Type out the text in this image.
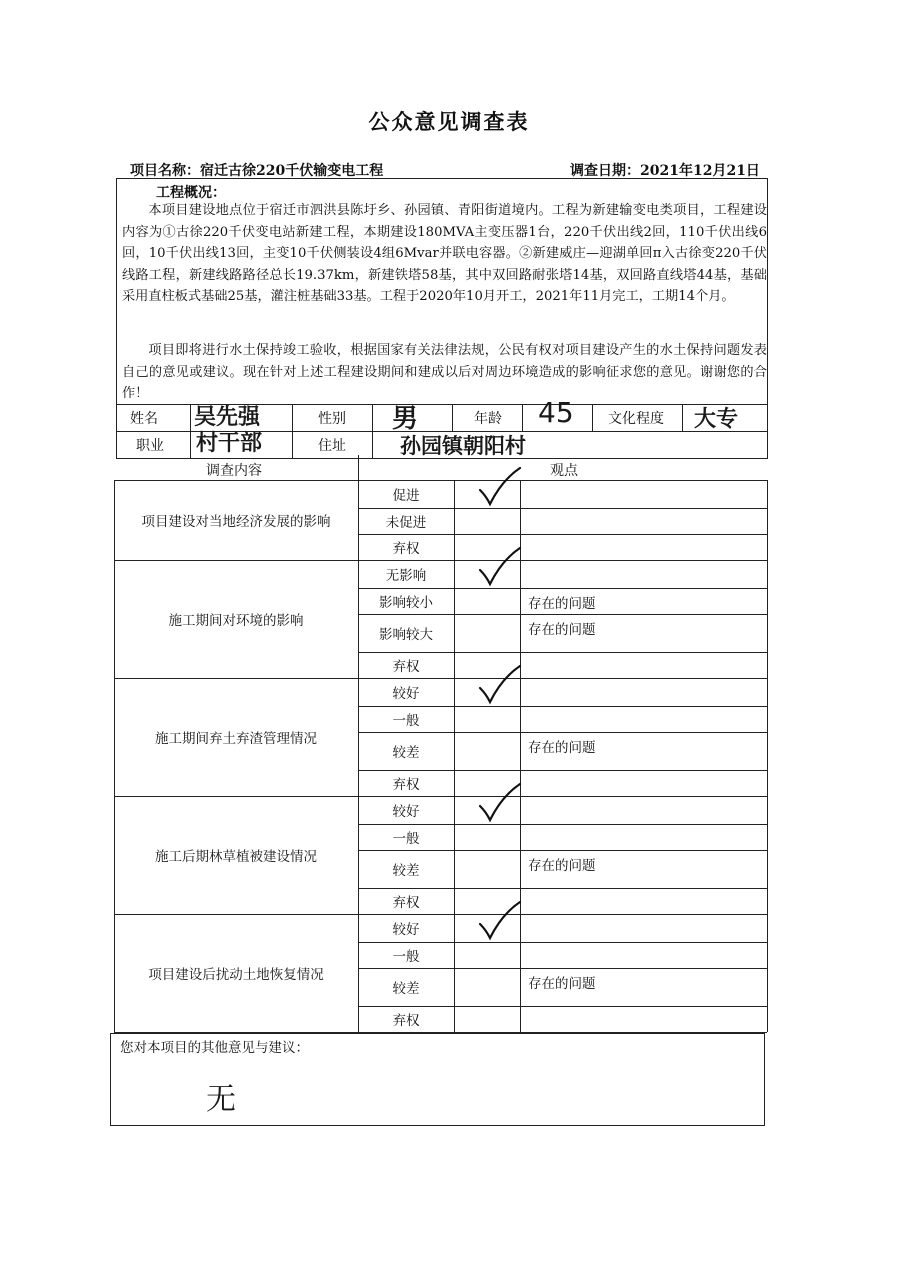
公众意见调查表
项目名称：宿迁古徐220千伏输变电工程	调查日期：2021年12月21日
工程概况：
本项目建设地点位于宿迁市泗洪县陈圩乡、孙园镇、青阳街道境内。工程为新建输变电类项目，工程建设内容为①古徐220千伏变电站新建工程，本期建设180MVA主变压器1台，220千伏出线2回，110千伏出线6回，10千伏出线13回，主变10千伏侧装设4组6Mvar并联电容器。②新建威庄—迎湖单回π入古徐变220千伏线路工程，新建线路路径总长19.37km，新建铁塔58基，其中双回路耐张塔14基，双回路直线塔44基，基础采用直柱板式基础25基，灌注桩基础33基。工程于2020年10月开工，2021年11月完工，工期14个月。
项目即将进行水土保持竣工验收，根据国家有关法律法规，公民有权对项目建设产生的水土保持问题发表自己的意见或建议。现在针对上述工程建设期间和建成以后对周边环境造成的影响征求您的意见。谢谢您的合作！
姓名 吴先强	性别 男	年龄 45 文化程度 大专
职业 村干部	住址	孙园镇朝阳村
调查内容	观点
项目建设对当地经济发展的影响
促进
未促进
弃权
施工期间对环境的影响
无影响
影响较小	存在的问题
影响较大	存在的问题
弃权
施工期间弃土弃渣管理情况
较好
一般
较差	存在的问题
弃权
施工后期林草植被建设情况
较好
一般
较差	存在的问题
弃权
项目建设后扰动土地恢复情况
较好
一般
较差	存在的问题
弃权
您对本项目的其他意见与建议：
无
